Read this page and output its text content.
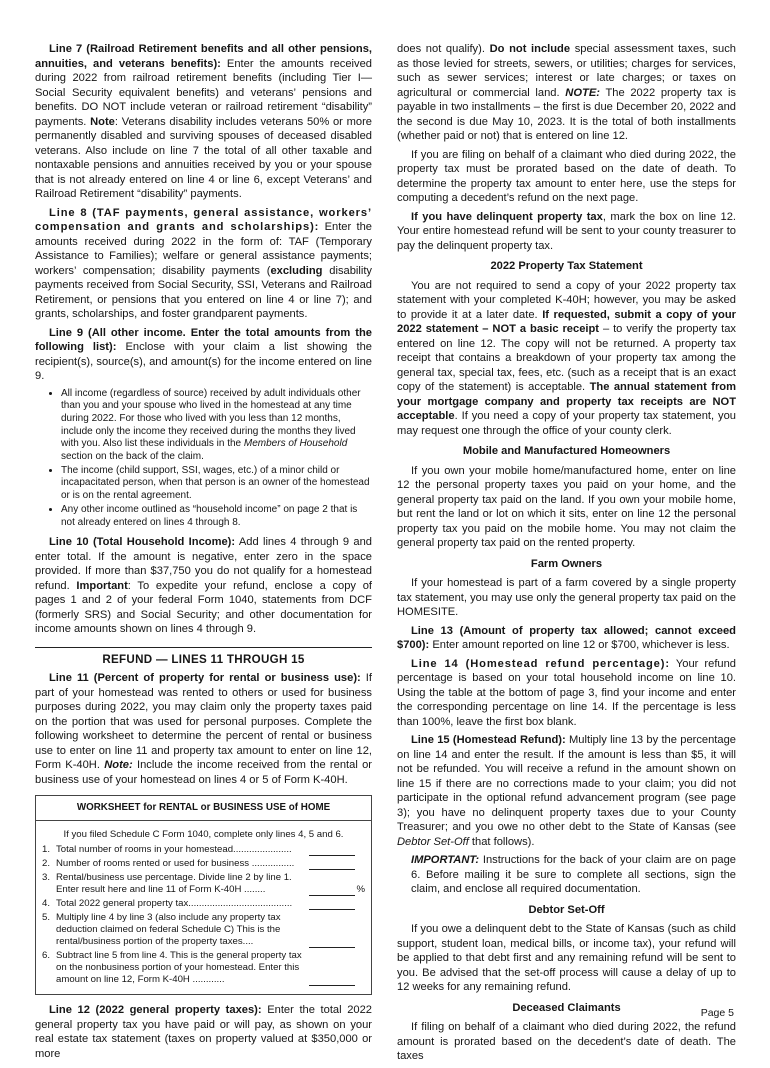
Line 7 (Railroad Retirement benefits and all other pensions, annuities, and veterans benefits): Enter the amounts received during 2022 from railroad retirement benefits (including Tier I— Social Security equivalent benefits) and veterans’ pensions and benefits. DO NOT include veteran or railroad retirement “disability” payments. Note: Veterans disability includes veterans 50% or more permanently disabled and surviving spouses of deceased disabled veterans. Also include on line 7 the total of all other taxable and nontaxable pensions and annuities received by you or your spouse that is not already entered on line 4 or line 6, except Veterans’ and Railroad Retirement “disability” payments.

Line 8 (TAF payments, general assistance, workers’ compensation and grants and scholarships): Enter the amounts received during 2022 in the form of: TAF (Temporary Assistance to Families); welfare or general assistance payments; workers’ compensation; disability payments (excluding disability payments received from Social Security, SSI, Veterans and Railroad Retirement, or pensions that you entered on line 4 or line 7); and grants, scholarships, and foster grandparent payments.

Line 9 (All other income. Enter the total amounts from the following list): Enclose with your claim a list showing the recipient(s), source(s), and amount(s) for the income entered on line 9.

• All income (regardless of source) received by adult individuals other than you and your spouse who lived in the homestead at any time during 2022. For those who lived with you less than 12 months, include only the income they received during the months they lived with you. Also list these individuals in the Members of Household section on the back of the claim.
• The income (child support, SSI, wages, etc.) of a minor child or incapacitated person, when that person is an owner of the homestead or is on the rental agreement.
• Any other income outlined as “household income” on page 2 that is not already entered on lines 4 through 8.

Line 10 (Total Household Income): Add lines 4 through 9 and enter total. If the amount is negative, enter zero in the space provided. If more than $37,750 you do not qualify for a homestead refund. Important: To expedite your refund, enclose a copy of pages 1 and 2 of your federal Form 1040, statements from DCF (formerly SRS) and Social Security; and other documentation for income amounts shown on lines 4 through 9.

REFUND — LINES 11 THROUGH 15

Line 11 (Percent of property for rental or business use): If part of your homestead was rented to others or used for business purposes during 2022, you may claim only the property taxes paid on the portion that was used for personal purposes. Complete the following worksheet to determine the percent of rental or business use to enter on line 11 and property tax amount to enter on line 12, Form K-40H. Note: Include the income received from the rental or business use of your homestead on lines 4 or 5 of Form K-40H.

WORKSHEET for RENTAL or BUSINESS USE of HOME
If you filed Schedule C Form 1040, complete only lines 4, 5 and 6.
1. Total number of rooms in your homestead......................
2. Number of rooms rented or used for business ................
3. Rental/business use percentage. Divide line 2 by line 1. Enter result here and line 11 of Form K-40H ........	%
4. Total 2022 general property tax.......................................
5. Multiply line 4 by line 3 (also include any property tax deduction claimed on federal Schedule C) This is the rental/business portion of the property taxes....
6. Subtract line 5 from line 4. This is the general property tax on the nonbusiness portion of your homestead. Enter this amount on line 12, Form K-40H ............

Line 12 (2022 general property taxes): Enter the total 2022 general property tax you have paid or will pay, as shown on your real estate tax statement (taxes on property valued at $350,000 or more

does not qualify). Do not include special assessment taxes, such as those levied for streets, sewers, or utilities; charges for services, such as sewer services; interest or late charges; or taxes on agricultural or commercial land. NOTE: The 2022 property tax is payable in two installments – the first is due December 20, 2022 and the second is due May 10, 2023. It is the total of both installments (whether paid or not) that is entered on line 12.

If you are filing on behalf of a claimant who died during 2022, the property tax must be prorated based on the date of death. To determine the property tax amount to enter here, use the steps for computing a decedent’s refund on the next page.

If you have delinquent property tax, mark the box on line 12. Your entire homestead refund will be sent to your county treasurer to pay the delinquent property tax.

2022 Property Tax Statement

You are not required to send a copy of your 2022 property tax statement with your completed K-40H; however, you may be asked to provide it at a later date. If requested, submit a copy of your 2022 statement – NOT a basic receipt – to verify the property tax entered on line 12. The copy will not be returned. A property tax receipt that contains a breakdown of your property tax among the general tax, special tax, fees, etc. (such as a receipt that is an exact copy of the statement) is acceptable. The annual statement from your mortgage company and property tax receipts are NOT acceptable. If you need a copy of your property tax statement, you may request one through the office of your county clerk.

Mobile and Manufactured Homeowners

If you own your mobile home/manufactured home, enter on line 12 the personal property taxes you paid on your home, and the general property tax paid on the land. If you own your mobile home, but rent the land or lot on which it sits, enter on line 12 the personal property tax you paid on the mobile home. You may not claim the general property tax paid on the rented property.

Farm Owners

If your homestead is part of a farm covered by a single property tax statement, you may use only the general property tax paid on the HOMESITE.

Line 13 (Amount of property tax allowed; cannot exceed $700): Enter amount reported on line 12 or $700, whichever is less.

Line 14 (Homestead refund percentage): Your refund percentage is based on your total household income on line 10. Using the table at the bottom of page 3, find your income and enter the corresponding percentage on line 14. If the percentage is less than 100%, leave the first box blank.

Line 15 (Homestead Refund): Multiply line 13 by the percentage on line 14 and enter the result. If the amount is less than $5, it will not be refunded. You will receive a refund in the amount shown on line 15 if there are no corrections made to your claim; you did not participate in the optional refund advancement program (see page 3); you have no delinquent property taxes due to your County Treasurer; and you owe no other debt to the State of Kansas (see Debtor Set-Off that follows).

IMPORTANT: Instructions for the back of your claim are on page 6. Before mailing it be sure to complete all sections, sign the claim, and enclose all required documentation.

Debtor Set-Off

If you owe a delinquent debt to the State of Kansas (such as child support, student loan, medical bills, or income tax), your refund will be applied to that debt first and any remaining refund will be sent to you. Be advised that the set-off process will cause a delay of up to 12 weeks for any remaining refund.

Deceased Claimants

If filing on behalf of a claimant who died during 2022, the refund amount is prorated based on the decedent’s date of death. The taxes

Page 5
